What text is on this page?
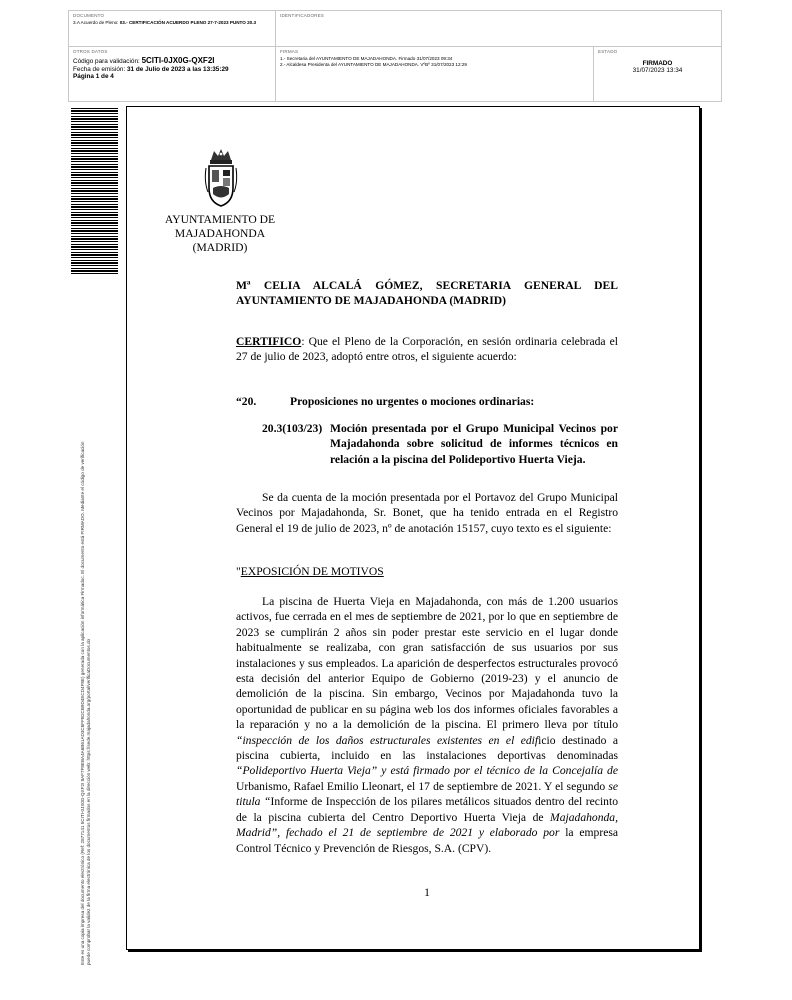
DOCUMENTO
3.A Acuerdo de Pleno: 03.- CERTIFICACIÓN ACUERDO PLENO 27-7-2023 PUNTO 20.3
IDENTIFICADORES
OTROS DATOS
Código para validación: 5CITI-0JX0G-QXF2I
Fecha de emisión: 31 de Julio de 2023 a las 13:35:29
Página 1 de 4
FIRMAS
1.- Secretaria del AYUNTAMIENTO DE MAJADAHONDA. Firmado 31/07/2023 09:34
2.- Alcaldesa Presidenta del AYUNTAMIENTO DE MAJADAHONDA. VºBº 31/07/2023 12:29
ESTADO
FIRMADO
31/07/2023 13:34
Este es una copia impresa del documento electrónico (Ref: 2877141 5CITI-0JX0G-QXF2I 8AF7F8EBA4A6B61AD3C6FFB2CB9D4ECD4F8E) generada con la aplicación informática Firmadoc. El documento está FIRMADO. Mediante el código de verificación puede comprobar la validez de la firma electrónica de los documentos firmados en la dirección web: https://sede.majadahonda.org/portal/verificaDocumentos.do
AYUNTAMIENTO DE
MAJADAHONDA
(MADRID)
Mª CELIA ALCALÁ GÓMEZ, SECRETARIA GENERAL DEL AYUNTAMIENTO DE MAJADAHONDA (MADRID)
CERTIFICO: Que el Pleno de la Corporación, en sesión ordinaria celebrada el 27 de julio de 2023, adoptó entre otros, el siguiente acuerdo:
“20.	Proposiciones no urgentes o mociones ordinarias:
20.3(103/23) Moción presentada por el Grupo Municipal Vecinos por Majadahonda sobre solicitud de informes técnicos en relación a la piscina del Polideportivo Huerta Vieja.
Se da cuenta de la moción presentada por el Portavoz del Grupo Municipal Vecinos por Majadahonda, Sr. Bonet, que ha tenido entrada en el Registro General el 19 de julio de 2023, nº de anotación 15157, cuyo texto es el siguiente:
"EXPOSICIÓN DE MOTIVOS
La piscina de Huerta Vieja en Majadahonda, con más de 1.200 usuarios activos, fue cerrada en el mes de septiembre de 2021, por lo que en septiembre de 2023 se cumplirán 2 años sin poder prestar este servicio en el lugar donde habitualmente se realizaba, con gran satisfacción de sus usuarios por sus instalaciones y sus empleados. La aparición de desperfectos estructurales provocó esta decisión del anterior Equipo de Gobierno (2019-23) y el anuncio de demolición de la piscina. Sin embargo, Vecinos por Majadahonda tuvo la oportunidad de publicar en su página web los dos informes oficiales favorables a la reparación y no a la demolición de la piscina. El primero lleva por título “inspección de los daños estructurales existentes en el edificio destinado a piscina cubierta, incluido en las instalaciones deportivas denominadas “Polideportivo Huerta Vieja” y está firmado por el técnico de la Concejalía de Urbanismo, Rafael Emilio Lleonart, el 17 de septiembre de 2021. Y el segundo se titula “Informe de Inspección de los pilares metálicos situados dentro del recinto de la piscina cubierta del Centro Deportivo Huerta Vieja de Majadahonda, Madrid”, fechado el 21 de septiembre de 2021 y elaborado por la empresa Control Técnico y Prevención de Riesgos, S.A. (CPV).
1
